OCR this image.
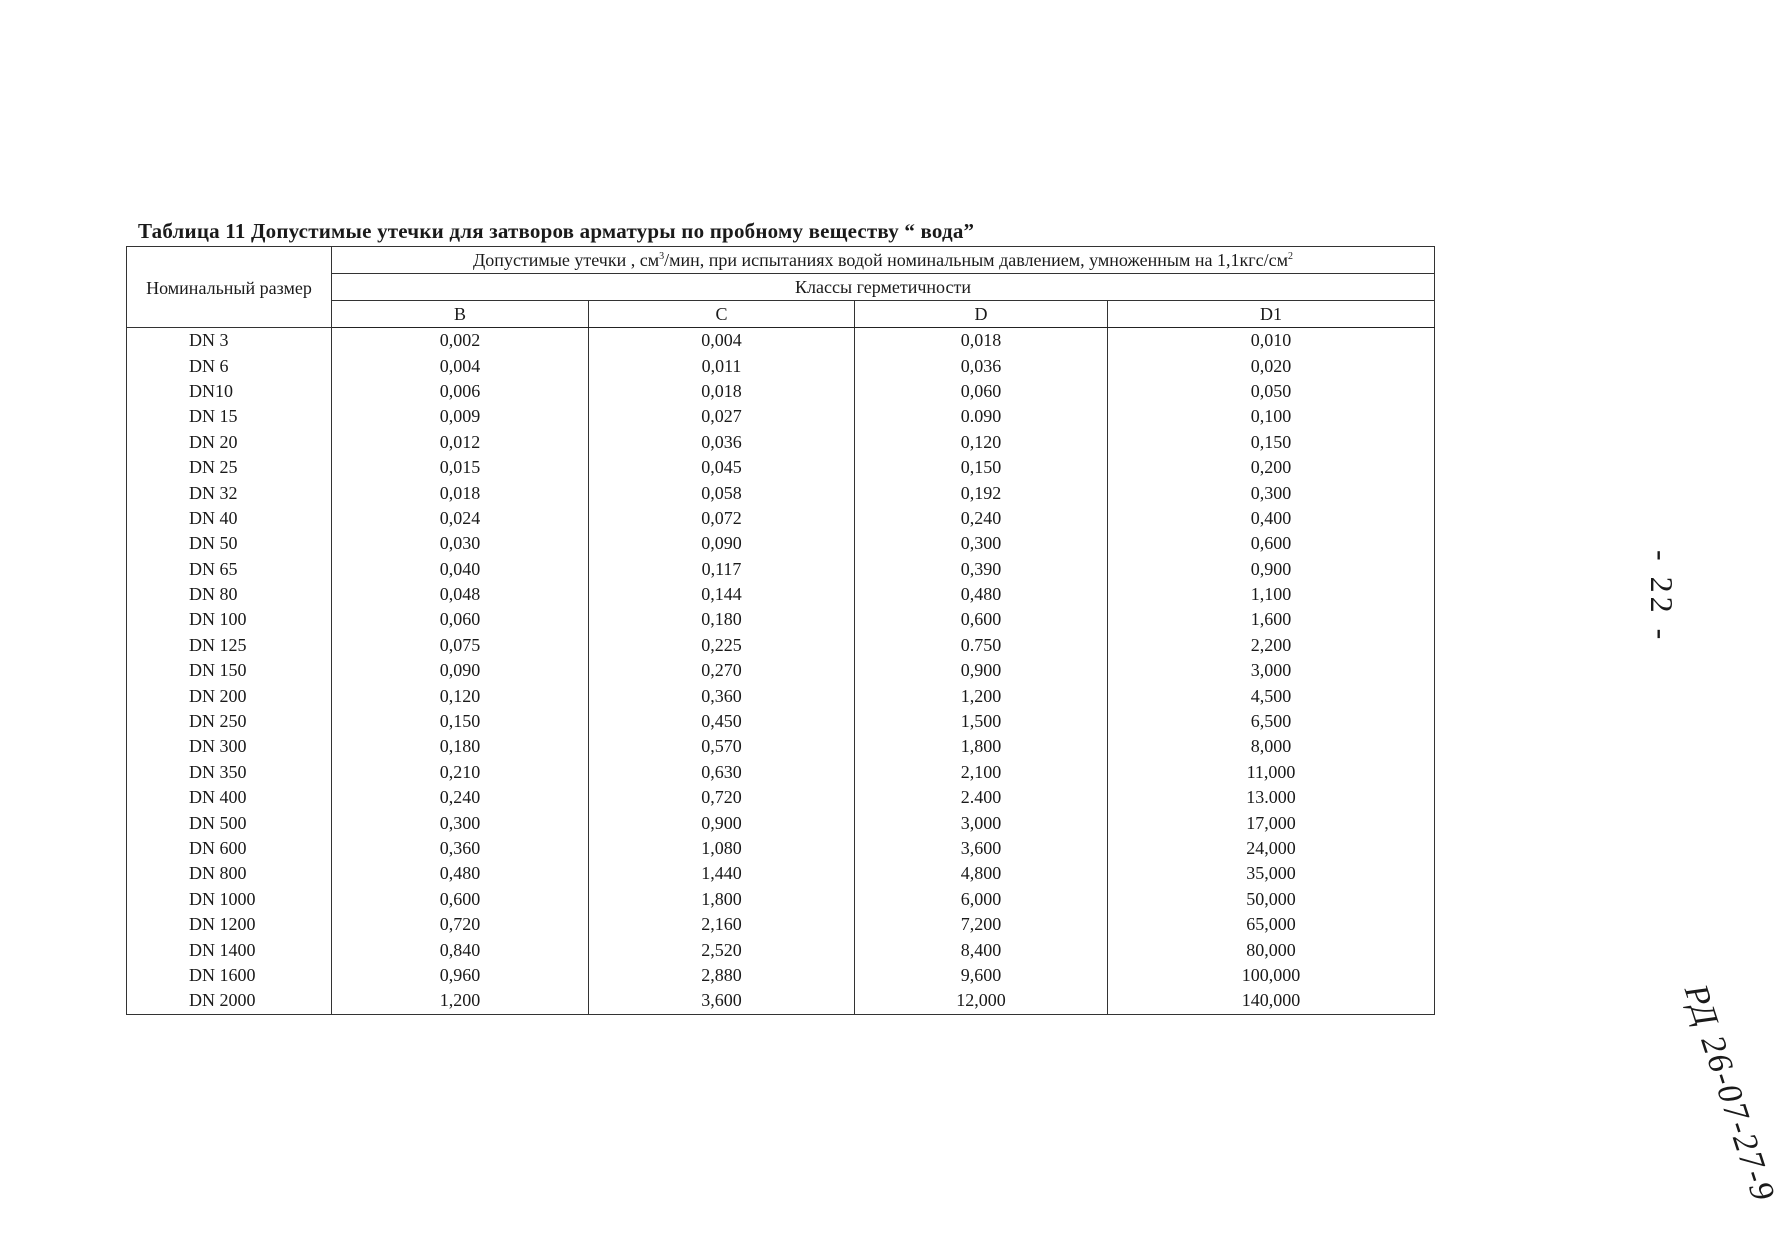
Таблица 11 Допустимые утечки для затворов арматуры по пробному веществу “ вода”
Номинальный размер	Допустимые утечки , $см^3$/мин, при испытаниях водой номинальным давлением, умноженным на $1,1кгс/см^2$
	Классы герметичности			
	B	C	D	D1
DN 3	0,002	0,004	0,018	0,010
DN 6	0,004	0,011	0,036	0,020
DN10	0,006	0,018	0,060	0,050
DN 15	0,009	0,027	0.090	0,100
DN 20	0,012	0,036	0,120	0,150
DN 25	0,015	0,045	0,150	0,200
DN 32	0,018	0,058	0,192	0,300
DN 40	0,024	0,072	0,240	0,400
DN 50	0,030	0,090	0,300	0,600
DN 65	0,040	0,117	0,390	0,900
DN 80	0,048	0,144	0,480	1,100
DN 100	0,060	0,180	0,600	1,600
DN 125	0,075	0,225	0.750	2,200
DN 150	0,090	0,270	0,900	3,000
DN 200	0,120	0,360	1,200	4,500
DN 250	0,150	0,450	1,500	6,500
DN 300	0,180	0,570	1,800	8,000
DN 350	0,210	0,630	2,100	11,000
DN 400	0,240	0,720	2.400	13.000
DN 500	0,300	0,900	3,000	17,000
DN 600	0,360	1,080	3,600	24,000
DN 800	0,480	1,440	4,800	35,000
DN 1000	0,600	1,800	6,000	50,000
DN 1200	0,720	2,160	7,200	65,000
DN 1400	0,840	2,520	8,400	80,000
DN 1600	0,960	2,880	9,600	100,000
DN 2000	1,200	3,600	12,000	140,000
- 22 -
РД 26-07-27-9
